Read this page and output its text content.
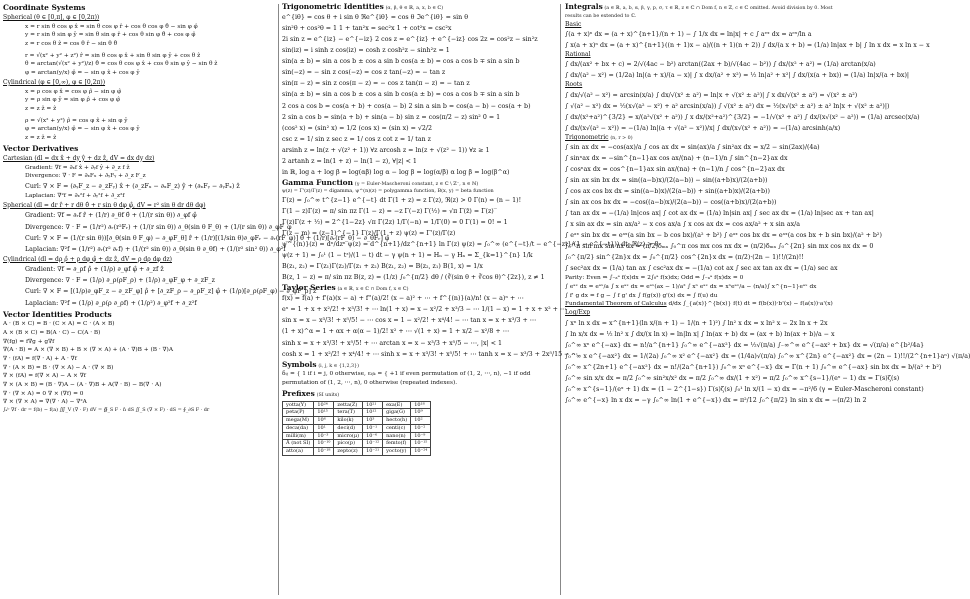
Coordinate Systems
Spherical (θ ∈ [0,π], φ ∈ [0,2π))
x = r sin θ cos φ x̂ = sin θ cos φ r̂ + cos θ cos φ θ̂ − sin φ φ̂
y = r sin θ sin φ ŷ = sin θ sin φ r̂ + cos θ sin φ θ̂ + cos φ φ̂
z = r cos θ ẑ = cos θ r̂ − sin θ θ̂
r = √(x² + y² + z²) r̂ = sin θ cos φ x̂ + sin θ sin φ ŷ + cos θ ẑ
θ = arctan(√(x² + y²)/z) θ̂ = cos θ cos φ x̂ + cos θ sin φ ŷ − sin θ ẑ
φ = arctan(y/x) φ̂ = − sin φ x̂ + cos φ ŷ
Cylindrical (φ ∈ [0,∞), φ ∈ [0,2π))
x = ρ cos φ x̂ = cos φ ρ̂ − sin φ φ̂
y = ρ sin φ ŷ = sin φ ρ̂ + cos φ φ̂
z = z ẑ = ẑ
ρ = √(x² + y²) ρ̂ = cos φ x̂ + sin φ ŷ
φ = arctan(y/x) φ̂ = − sin φ x̂ + cos φ ŷ
z = z ẑ = ẑ
Vector Derivatives
Cartesian (dl = dx x̂ + dy ŷ + dz ẑ, dV = dx dy dz)
Gradient: ∇f = ∂ₓf x̂ + ∂ᵧf ŷ + ∂_z f ẑ
Divergence: ∇ · F = ∂ₓFₓ + ∂ᵧFᵧ + ∂_z F_z
Curl: ∇ × F = (∂ᵧF_z − ∂_zFᵧ) x̂ + (∂_zFₓ − ∂ₓF_z) ŷ + (∂ₓFᵧ − ∂ᵧFₓ) ẑ
Laplacian: ∇²f = ∂ₓ²f + ∂ᵧ²f + ∂_z²f
Spherical (dl = dr r̂ + r dθ θ̂ + r sin θ dφ φ̂, dV = r² sin θ dr dθ dφ)
Gradient: ∇f = ∂ᵣf r̂ + (1/r) ∂_θf θ̂ + (1/(r sin θ)) ∂_φf φ̂
Divergence: ∇ · F = (1/r²) ∂ᵣ(r²Fᵣ) + (1/(r sin θ)) ∂_θ(sin θ F_θ) + (1/(r sin θ)) ∂_φF_φ
Curl: ∇ × F = (1/(r sin θ))[∂_θ(sin θ F_φ) − ∂_φF_θ] r̂ + (1/r)[(1/sin θ)∂_φFᵣ − ∂ᵣ(rF_φ)] θ̂ + (1/r)[∂ᵣ(rF_θ) − ∂_θFᵣ] φ̂
Laplacian: ∇²f = (1/r²) ∂ᵣ(r² ∂ᵣf) + (1/(r² sin θ)) ∂_θ(sin θ ∂_θf) + (1/(r² sin² θ)) ∂_φ²f
Cylindrical (dl = dρ ρ̂ + ρ dφ φ̂ + dz ẑ, dV = ρ dρ dφ dz)
Gradient: ∇f = ∂_ρf ρ̂ + (1/ρ) ∂_φf φ̂ + ∂_zf ẑ
Divergence: ∇ · F = (1/ρ) ∂_ρ(ρF_ρ) + (1/ρ) ∂_φF_φ + ∂_zF_z
Curl: ∇ × F = [(1/ρ)∂_φF_z − ∂_zF_φ] ρ̂ + [∂_zF_ρ − ∂_ρF_z] φ̂ + (1/ρ)[∂_ρ(ρF_φ) − ∂_φF_ρ] ẑ
Laplacian: ∇²f = (1/ρ) ∂_ρ(ρ ∂_ρf) + (1/ρ²) ∂_φ²f + ∂_z²f
Vector Identities Products
A · (B × C) = B · (C × A) = C · (A × B)
A × (B × C) = B(A · C) − C(A · B)
∇(fg) = f∇g + g∇f
∇(A · B) = A × (∇ × B) + B × (∇ × A) + (A · ∇)B + (B · ∇)A
∇ · (fA) = f(∇ · A) + A · ∇f
∇ · (A × B) = B · (∇ × A) − A · (∇ × B)
∇ × (fA) = f(∇ × A) − A × ∇f
∇ × (A × B) = (B · ∇)A − (A · ∇)B + A(∇ · B) − B(∇ · A)
∇ · (∇ × A) = 0 ∇ × (∇f) = 0
∇ × (∇ × A) = ∇(∇ · A) − ∇²A
∫ₐᵇ ∇f · dr = f(b) − f(a) ∭_V (∇ · F) dV = ∯_S F · n̂ dS ∬_S (∇ × F) · dS = ∮_∂S F · dr
Trigonometric Identities (α, β, θ ∈ ℝ, a, x, b ∈ ℂ)
e^{iθ} = cos θ + i sin θ ℜe^{iθ} = cos θ ℑe^{iθ} = sin θ
sin²θ + cos²θ = 1 1 + tan²x = sec²x 1 + cot²x = csc²x
2i sin z = e^{iz} − e^{−iz} 2 cos z = e^{iz} + e^{−iz} cos 2z = cos²z − sin²z
sin(iz) = i sinh z cos(iz) = cosh z cosh²z − sinh²z = 1
sin(a ± b) = sin a cos b ± cos a sin b cos(a ± b) = cos a cos b ∓ sin a sin b
sin(−z) = − sin z cos(−z) = cos z tan(−z) = − tan z
sin(π − z) = sin z cos(π − z) = − cos z tan(π − z) = − tan z
sin(a ± b) = sin a cos b ± cos a sin b cos(a ± b) = cos a cos b ∓ sin a sin b
2 cos a cos b = cos(a + b) + cos(a − b) 2 sin a sin b = cos(a − b) − cos(a + b)
2 sin a cos b = sin(a + b) + sin(a − b) sin z = cos(π/2 − z) sin² 0 = 1
(cos² x) = (sin² x) = 1/2 (cos x) = (sin x) = √2/2
csc z = 1/ sin z sec z = 1/ cos z cot z = 1/ tan z
arsinh z = ln(z + √(z² + 1)) ∀z arcosh z = ln(z + √(z² − 1)) ∀z ≥ 1
2 artanh z = ln(1 + z) − ln(1 − z), ∀|z| < 1
in ℝ, log a + log β = log(αβ) log α − log β = log(α/β) α log β = log(β^α)
Gamma Function (γ = Euler-Mascheroni constant, z ∈ ℂ \ ℤ⁻, n ∈ ℕ)
ψ(z) = Γ'(z)/Γ(z) = digamma, ψ^(n)(z) = polygamma function, B(x, y) = beta function
Γ(z) = ∫₀^∞ t^{z−1} e^{−t} dt Γ(1 + z) = z Γ(z), ℜ(z) > 0 Γ(n) = (n − 1)!
Γ(1 − z)Γ(z) = π/ sin πz Γ(1 − z) = −z Γ(−z) Γ(½) = √π Γ(z̄) = Γ(z)‾
Γ(z)Γ(z + ½) = 2^{1−2z} √π Γ(2z) 1/Γ(−n) = 1/Γ(0) = 0 Γ(1) = 0! = 1
Γ(z − m) = (z−1)^{−1} Γ(z)/Γ(1 + z) ψ(z) = Γ'(z)/Γ(z)
ψ^{(n)}(z) = dⁿ/dzⁿ ψ(z) = d^{n+1}/dz^{n+1} ln Γ(z) ψ(z) = ∫₀^∞ (e^{−t}/t − e^{−zt}/(1 − e^{−t})) dt, ℜ(z) > 0
ψ(z + 1) = ∫₀¹ (1 − tᶻ)/(1 − t) dt − γ ψ(n + 1) = Hₙ − γ Hₙ = Σ_{k=1}^{n} 1/k
B(z₁, z₂) = Γ(z₁)Γ(z₂)/Γ(z₁ + z₂) B(z₁, z₂) = B(z₂, z₁) B(1, x) = 1/x
B(z, 1 − z) = π/ sin πz B(z, z) = (1/z) ∫₀^{π/2} dθ / (∛(sin θ + ∛cos θ)^{2z}), z ≠ 1
Taylor Series (a ∈ ℝ, x ∈ ℂ ∩ Dom f, x ∈ ℂ)
f(x) = f(a) + f'(a)(x − a) + f''(a)/2! (x − a)² + ⋯ + f^{(n)}(a)/n! (x − a)ⁿ + ⋯
eˣ = 1 + x + x²/2! + x³/3! + ⋯ ln(1 + x) = x − x²/2 + x³/3 − ⋯ 1/(1 − x) = 1 + x + x² + ⋯
sin x = x − x³/3! + x⁵/5! − ⋯ cos x = 1 − x²/2! + x⁴/4! − ⋯ tan x = x + x³/3 + ⋯
(1 + x)^α = 1 + αx + α(α − 1)/2! x² + ⋯ √(1 + x) = 1 + x/2 − x²/8 + ⋯
sinh x = x + x³/3! + x⁵/5! + ⋯ arctan x = x − x³/3 + x⁵/5 − ⋯, |x| < 1
cosh x = 1 + x²/2! + x⁴/4! + ⋯ sinh x = x + x³/3! + x⁵/5! + ⋯ tanh x = x − x³/3 + 2x⁵/15 − ⋯
Symbols (i, j, k ∈ {1,2,3})
δᵢⱼ = { 1 if i = j, 0 otherwise, εᵢⱼₖ = { +1 if even permutation of (1, 2, ⋯, n), −1 if odd permutation of (1, 2, ⋯, n), 0 otherwise (repeated indexes).
Prefixes (SI units)
yotta(Y)	10²⁴	zetta(Z)	10²¹	exa(E)	10¹⁸
peta(P)	10¹⁵	tera(T)	10¹²	giga(G)	10⁹
mega(M)	10⁶	kilo(k)	10³	hecto(h)	10²
deca(da)	10¹	deci(d)	10⁻¹	centi(c)	10⁻²
milli(m)	10⁻³	micro(μ)	10⁻⁶	nano(n)	10⁻⁹
Å (not SI)	10⁻¹⁰	pico(p)	10⁻¹²	femto(f)	10⁻¹⁵
atto(a)	10⁻¹⁸	zepto(z)	10⁻²¹	yocto(y)	10⁻²⁴
Integrals (a ∈ ℝ, a, b, α, β, γ, p, σ, τ ∈ ℝ, z ∈ ℂ ∩ Dom f, n ∈ ℤ, c ∈ ℂ omitted. Avoid division by 0. Most results can be extended to ℂ.
Basic
∫(a + x)ⁿ dx = (a + x)^{n+1}/(n + 1) − ∫ 1/x dx = ln|x| + c ∫ aᵉˣ dx = aᵉˣ/ln a
∫ x(a + x)ⁿ dx = (a + x)^{n+1}((n + 1)x − a)/((n + 1)(n + 2)) ∫ dx/(a x + b) = (1/a) ln|ax + b| ∫ ln x dx = x ln x − x
Rational
∫ dx/(ax² + bx + c) = 2/√(4ac − b²) arctan((2ax + b)/√(4ac − b²)) ∫ dx/(x² + a²) = (1/a) arctan(x/a)
∫ dx/(a² − x²) = (1/2a) ln|(a + x)/(a − x)| ∫ x dx/(a² + x²) = ½ ln|a² + x²| ∫ dx/(x(a + bx)) = (1/a) ln|x/(a + bx)|
Roots
∫ dx/√(a² − x²) = arcsin(x/a) ∫ dx/√(x² ± a²) = ln|x + √(x² ± a²)| ∫ x dx/√(x² ± a²) = √(x² ± a²)
∫ √(a² − x²) dx = ½(x√(a² − x²) + a² arcsin(x/a)) ∫ √(x² ± a²) dx = ½(x√(x² ± a²) ± a² ln|x + √(x² ± a²)|)
∫ dx/(x²+a²)^{3/2} = x/(a²√(x² + a²)) ∫ x dx/(x²+a²)^{3/2} = −1/√(x² + a²) ∫ dx/(x√(x² − a²)) = (1/a) arcsec(x/a)
∫ dx/(x√(a² − x²)) = −(1/a) ln|(a + √(a² − x²))/x| ∫ dx/(x√(x² + a²)) = −(1/a) arcsinh(a/x)
Trigonometric (n, r > 0)
∫ sin ax dx = −cos(ax)/a ∫ cos ax dx = sin(ax)/a ∫ sin²ax dx = x/2 − sin(2ax)/(4a)
∫ sinⁿax dx = −sin^{n−1}ax cos ax/(na) + (n−1)/n ∫ sin^{n−2}ax dx
∫ cosⁿax dx = cos^{n−1}ax sin ax/(na) + (n−1)/n ∫ cos^{n−2}ax dx
∫ sin ax sin bx dx = sin((a−b)x)/(2(a−b)) − sin((a+b)x)/(2(a+b))
∫ cos ax cos bx dx = sin((a−b)x)/(2(a−b)) + sin((a+b)x)/(2(a+b))
∫ sin ax cos bx dx = −cos((a−b)x)/(2(a−b)) − cos((a+b)x)/(2(a+b))
∫ tan ax dx = −(1/a) ln|cos ax| ∫ cot ax dx = (1/a) ln|sin ax| ∫ sec ax dx = (1/a) ln|sec ax + tan ax|
∫ x sin ax dx = sin ax/a² − x cos ax/a ∫ x cos ax dx = cos ax/a² + x sin ax/a
∫ eᵃˣ sin bx dx = eᵃˣ(a sin bx − b cos bx)/(a² + b²) ∫ eᵃˣ cos bx dx = eᵃˣ(a cos bx + b sin bx)/(a² + b²)
∫₀^π sin mx sin nx dx = (π/2)δₘₙ ∫₀^π cos mx cos nx dx = (π/2)δₘₙ ∫₀^{2π} sin mx cos nx dx = 0
∫₀^{π/2} sin^{2n}x dx = ∫₀^{π/2} cos^{2n}x dx = (π/2)·(2n − 1)!!/(2n)!!
∫ sec²ax dx = (1/a) tan ax ∫ csc²ax dx = −(1/a) cot ax ∫ sec ax tan ax dx = (1/a) sec ax
Parity: Even ⇒ ∫₋ₐᵃ f(x)dx = 2∫₀ᵃ f(x)dx; Odd ⇒ ∫₋ₐᵃ f(x)dx = 0
∫ eᵃˣ dx = eᵃˣ/a ∫ x eᵃˣ dx = eᵃˣ(ax − 1)/a² ∫ xⁿ eᵃˣ dx = xⁿeᵃˣ/a − (n/a)∫ x^{n−1}eᵃˣ dx
∫ f' g dx = f g − ∫ f g' dx ∫ f(g(x)) g'(x) dx = ∫ f(u) du
Fundamental Theorem of Calculus d/dx ∫_{a(x)}^{b(x)} f(t) dt = f(b(x))·b'(x) − f(a(x))·a'(x)
Log/Exp
∫ xⁿ ln x dx = x^{n+1}(ln x/(n + 1) − 1/(n + 1)²) ∫ ln² x dx = x ln² x − 2x ln x + 2x
∫ ln x/x dx = ½ ln² x ∫ dx/(x ln x) = ln|ln x| ∫ ln(ax + b) dx = (ax + b) ln(ax + b)/a − x
∫₀^∞ xⁿ e^{−ax} dx = n!/a^{n+1} ∫₀^∞ e^{−ax²} dx = ½√(π/a) ∫₋∞^∞ e^{−ax² + bx} dx = √(π/a) e^{b²/4a}
∫₀^∞ x e^{−ax²} dx = 1/(2a) ∫₀^∞ x² e^{−ax²} dx = (1/4a)√(π/a) ∫₀^∞ x^{2n} e^{−ax²} dx = (2n − 1)!!/(2^{n+1}aⁿ) √(π/a)
∫₀^∞ x^{2n+1} e^{−ax²} dx = n!/(2a^{n+1}) ∫₀^∞ xⁿ e^{−x} dx = Γ(n + 1) ∫₀^∞ e^{−ax} sin bx dx = b/(a² + b²)
∫₀^∞ sin x/x dx = π/2 ∫₀^∞ sin²x/x² dx = π/2 ∫₀^∞ dx/(1 + x²) = π/2 ∫₀^∞ x^{s−1}/(eˣ − 1) dx = Γ(s)ζ(s)
∫₀^∞ x^{s−1}/(eˣ + 1) dx = (1 − 2^{1−s}) Γ(s)ζ(s) ∫₀¹ ln x/(1 − x) dx = −π²/6 (γ = Euler-Mascheroni constant)
∫₀^∞ e^{−x} ln x dx = −γ ∫₀^∞ ln(1 + e^{−x}) dx = π²/12 ∫₀^{π/2} ln sin x dx = −(π/2) ln 2
